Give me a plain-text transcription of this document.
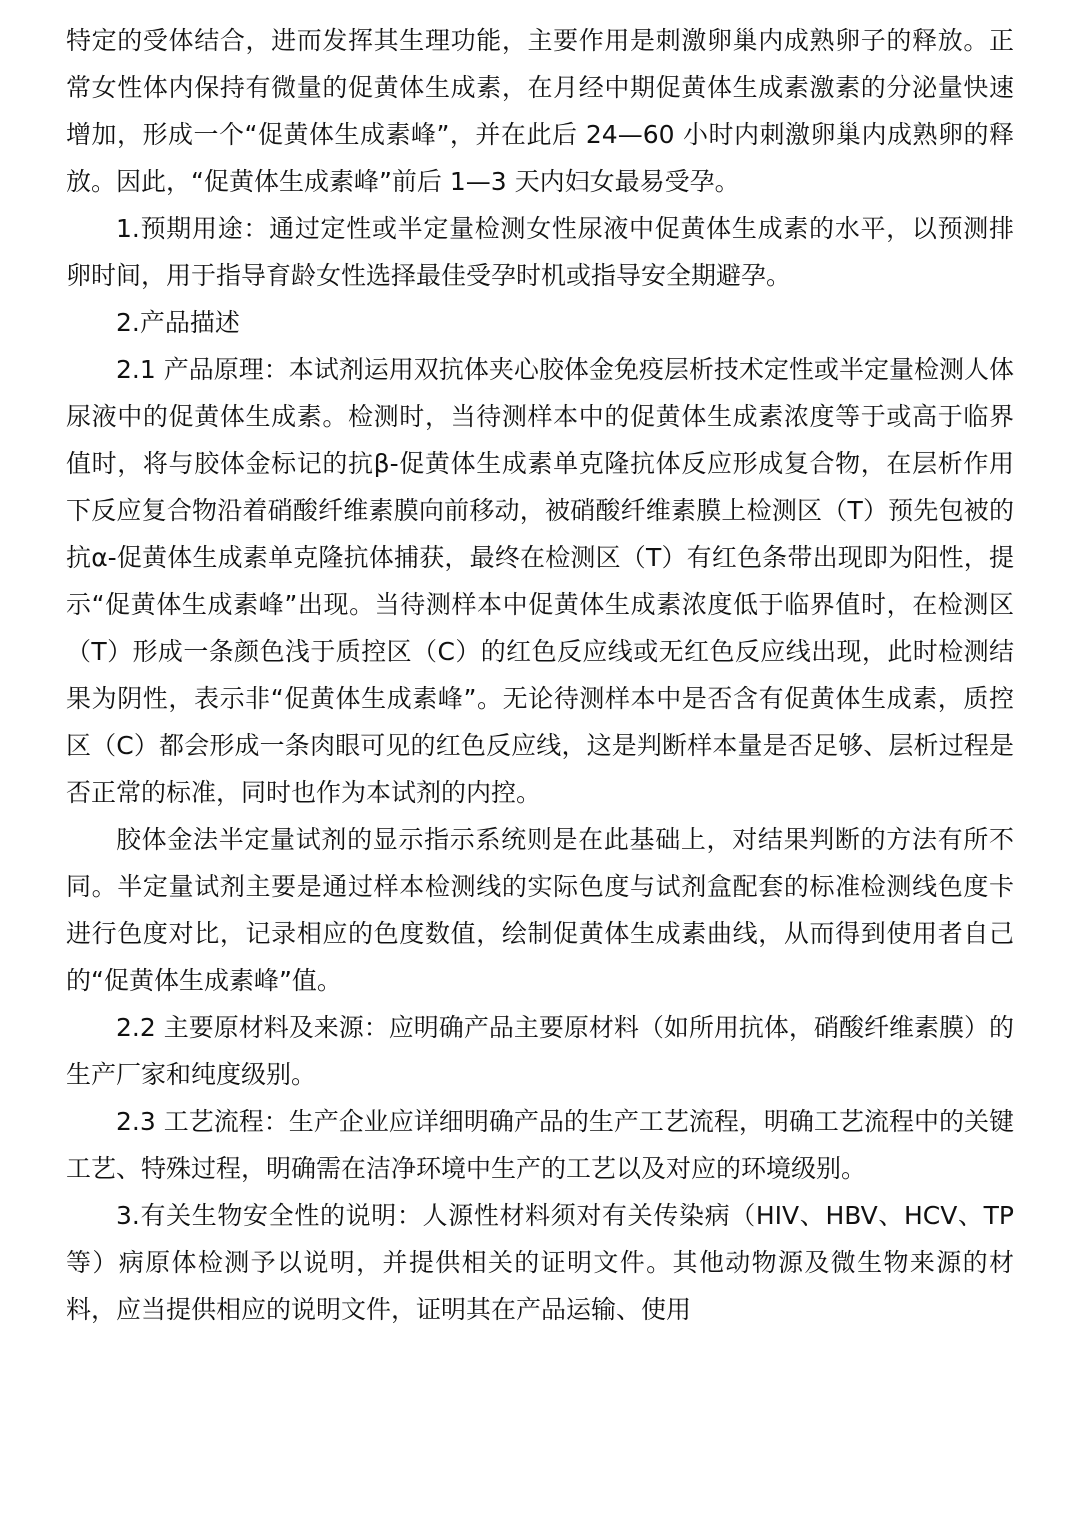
特定的受体结合，进而发挥其生理功能，主要作用是刺激卵巢内成熟卵子的释放。正常女性体内保持有微量的促黄体生成素，在月经中期促黄体生成素激素的分泌量快速增加，形成一个“促黄体生成素峰”，并在此后 24—60 小时内刺激卵巢内成熟卵的释放。因此，“促黄体生成素峰”前后 1—3 天内妇女最易受孕。

1.预期用途：通过定性或半定量检测女性尿液中促黄体生成素的水平，以预测排卵时间，用于指导育龄女性选择最佳受孕时机或指导安全期避孕。

2.产品描述

2.1 产品原理：本试剂运用双抗体夹心胶体金免疫层析技术定性或半定量检测人体尿液中的促黄体生成素。检测时，当待测样本中的促黄体生成素浓度等于或高于临界值时，将与胶体金标记的抗β-促黄体生成素单克隆抗体反应形成复合物，在层析作用下反应复合物沿着硝酸纤维素膜向前移动，被硝酸纤维素膜上检测区（T）预先包被的抗α-促黄体生成素单克隆抗体捕获，最终在检测区（T）有红色条带出现即为阳性，提示“促黄体生成素峰”出现。当待测样本中促黄体生成素浓度低于临界值时，在检测区（T）形成一条颜色浅于质控区（C）的红色反应线或无红色反应线出现，此时检测结果为阴性，表示非“促黄体生成素峰”。无论待测样本中是否含有促黄体生成素，质控区（C）都会形成一条肉眼可见的红色反应线，这是判断样本量是否足够、层析过程是否正常的标准，同时也作为本试剂的内控。

胶体金法半定量试剂的显示指示系统则是在此基础上，对结果判断的方法有所不同。半定量试剂主要是通过样本检测线的实际色度与试剂盒配套的标准检测线色度卡进行色度对比，记录相应的色度数值，绘制促黄体生成素曲线，从而得到使用者自己的“促黄体生成素峰”值。

2.2 主要原材料及来源：应明确产品主要原材料（如所用抗体，硝酸纤维素膜）的生产厂家和纯度级别。

2.3 工艺流程：生产企业应详细明确产品的生产工艺流程，明确工艺流程中的关键工艺、特殊过程，明确需在洁净环境中生产的工艺以及对应的环境级别。

3.有关生物安全性的说明：人源性材料须对有关传染病（HIV、HBV、HCV、TP 等）病原体检测予以说明，并提供相关的证明文件。其他动物源及微生物来源的材料，应当提供相应的说明文件，证明其在产品运输、使用
